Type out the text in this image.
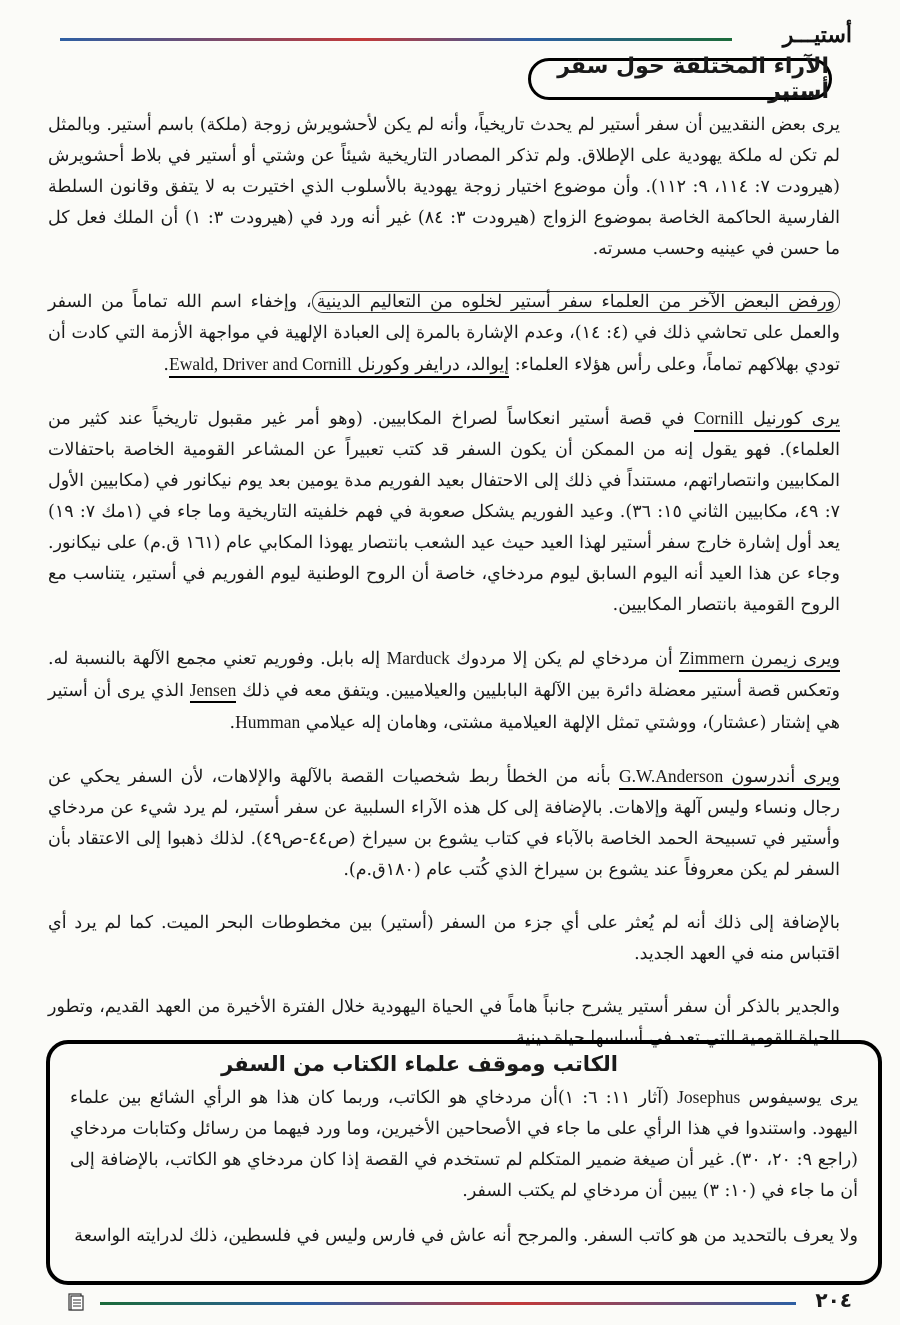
أستيـــر
الآراء المختلفة حول سفر أستير

يرى بعض النقديين أن سفر أستير لم يحدث تاريخياً، وأنه لم يكن لأحشويرش زوجة (ملكة) باسم أستير. وبالمثل لم تكن له ملكة يهودية على الإطلاق. ولم تذكر المصادر التاريخية شيئاً عن وشتي أو أستير في بلاط أحشويرش (هيرودت ٧: ١١٤، ٩: ١١٢). وأن موضوع اختيار زوجة يهودية بالأسلوب الذي اختيرت به لا يتفق وقانون السلطة الفارسية الحاكمة الخاصة بموضوع الزواج (هيرودت ٣: ٨٤) غير أنه ورد في (هيرودت ٣: ١) أن الملك فعل كل ما حسن في عينيه وحسب مسرته.

ورفض البعض الآخر من العلماء سفر أستير لخلوه من التعاليم الدينية، وإخفاء اسم الله تماماً من السفر والعمل على تحاشي ذلك في (٤: ١٤)، وعدم الإشارة بالمرة إلى العبادة الإلهية في مواجهة الأزمة التي كادت أن تودي بهلاكهم تماماً، وعلى رأس هؤلاء العلماء: إيوالد، درايفر وكورنل Ewald, Driver and Cornill.

يرى كورنيل Cornill في قصة أستير انعكاساً لصراخ المكابيين. (وهو أمر غير مقبول تاريخياً عند كثير من العلماء). فهو يقول إنه من الممكن أن يكون السفر قد كتب تعبيراً عن المشاعر القومية الخاصة باحتفالات المكابيين وانتصاراتهم، مستنداً في ذلك إلى الاحتفال بعيد الفوريم مدة يومين بعد يوم نيكانور في (مكابيين الأول ٧: ٤٩، مكابيين الثاني ١٥: ٣٦). وعيد الفوريم يشكل صعوبة في فهم خلفيته التاريخية وما جاء في (١مك ٧: ١٩) يعد أول إشارة خارج سفر أستير لهذا العيد حيث عيد الشعب بانتصار يهوذا المكابي عام (١٦١ ق.م) على نيكانور. وجاء عن هذا العيد أنه اليوم السابق ليوم مردخاي، خاصة أن الروح الوطنية ليوم الفوريم في أستير، يتناسب مع الروح القومية بانتصار المكابيين.

ويرى زيمرن Zimmern أن مردخاي لم يكن إلا مردوك Marduck إله بابل. وفوريم تعني مجمع الآلهة بالنسبة له. وتعكس قصة أستير معضلة دائرة بين الآلهة البابليين والعيلاميين. ويتفق معه في ذلك Jensen الذي يرى أن أستير هي إشتار (عشتار)، ووشتي تمثل الإلهة العيلامية مشتى، وهامان إله عيلامي Humman.

ويرى أندرسون G.W.Anderson بأنه من الخطأ ربط شخصيات القصة بالآلهة والإلاهات، لأن السفر يحكي عن رجال ونساء وليس آلهة وإلاهات. بالإضافة إلى كل هذه الآراء السلبية عن سفر أستير، لم يرد شيء عن مردخاي وأستير في تسبيحة الحمد الخاصة بالآباء في كتاب يشوع بن سيراخ (ص٤٤-ص٤٩). لذلك ذهبوا إلى الاعتقاد بأن السفر لم يكن معروفاً عند يشوع بن سيراخ الذي كُتب عام (١٨٠ق.م).

بالإضافة إلى ذلك أنه لم يُعثر على أي جزء من السفر (أستير) بين مخطوطات البحر الميت. كما لم يرد أي اقتباس منه في العهد الجديد.

والجدير بالذكر أن سفر أستير يشرح جانباً هاماً في الحياة اليهودية خلال الفترة الأخيرة من العهد القديم، وتطور الحياة القومية التي تعد في أساسها حياة دينية.

الكاتب وموقف علماء الكتاب من السفر

يرى يوسيفوس Josephus (آثار ١١: ٦: ١)أن مردخاي هو الكاتب، وربما كان هذا هو الرأي الشائع بين علماء اليهود. واستندوا في هذا الرأي على ما جاء في الأصحاحين الأخيرين، وما ورد فيهما من رسائل وكتابات مردخاي (راجع ٩: ٢٠، ٣٠). غير أن صيغة ضمير المتكلم لم تستخدم في القصة إذا كان مردخاي هو الكاتب، بالإضافة إلى أن ما جاء في (١٠: ٣) يبين أن مردخاي لم يكتب السفر.

ولا يعرف بالتحديد من هو كاتب السفر. والمرجح أنه عاش في فارس وليس في فلسطين، ذلك لدرايته الواسعة

٢٠٤
